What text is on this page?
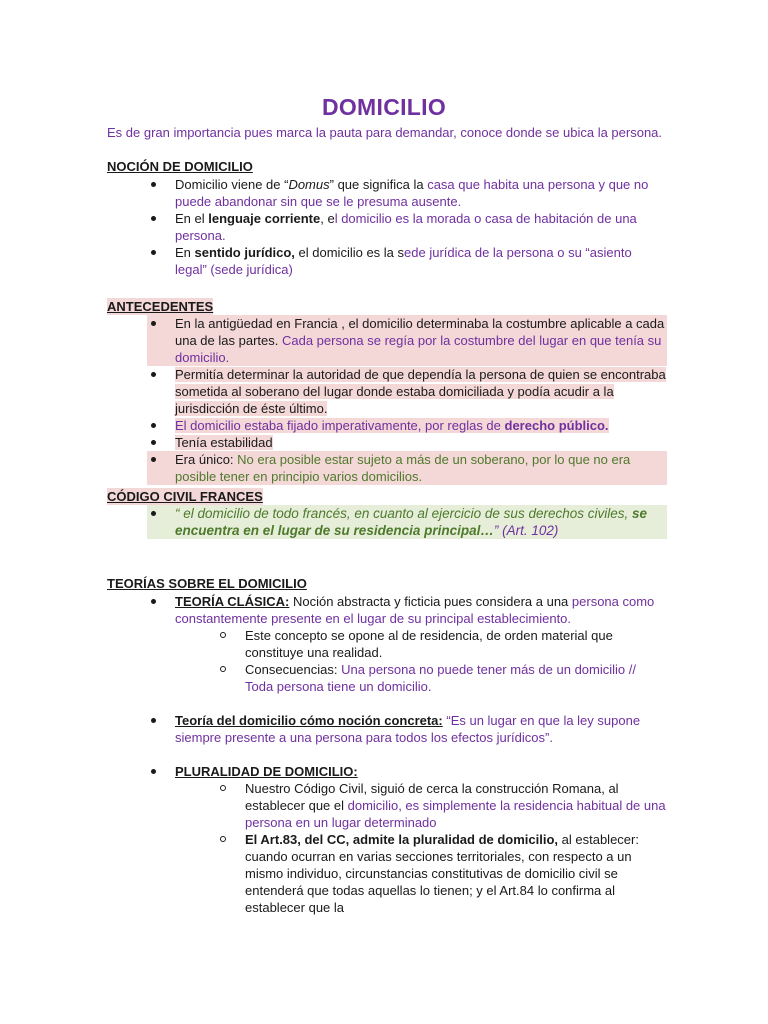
DOMICILIO
Es de gran importancia pues marca la pauta para demandar, conoce donde se ubica la persona.
NOCIÓN DE DOMICILIO
Domicilio viene de “Domus” que significa la casa que habita una persona y que no puede abandonar sin que se le presuma ausente.
En el lenguaje corriente, el domicilio es la morada o casa de habitación de una persona.
En sentido jurídico, el domicilio es la sede jurídica de la persona o su “asiento legal” (sede jurídica)
ANTECEDENTES
En la antigüedad en Francia , el domicilio determinaba la costumbre aplicable a cada una de las partes. Cada persona se regía por la costumbre del lugar en que tenía su domicilio.
Permitía determinar la autoridad de que dependía la persona de quien se encontraba sometida al soberano del lugar donde estaba domiciliada y podía acudir a la jurisdicción de éste último.
El domicilio estaba fijado imperativamente, por reglas de derecho público.
Tenía estabilidad
Era único: No era posible estar sujeto a más de un soberano, por lo que no era posible tener en principio varios domicilios.
CÓDIGO CIVIL FRANCES
“ el domicilio de todo francés, en cuanto al ejercicio de sus derechos civiles, se encuentra en el lugar de su residencia principal…” (Art. 102)
TEORÍAS SOBRE EL DOMICILIO
TEORÍA CLÁSICA: Noción abstracta y ficticia pues considera a una persona como constantemente presente en el lugar de su principal establecimiento.
Este concepto se opone al de residencia, de orden material que constituye una realidad.
Consecuencias: Una persona no puede tener más de un domicilio // Toda persona tiene un domicilio.
Teoría del domicilio cómo noción concreta: “Es un lugar en que la ley supone siempre presente a una persona para todos los efectos jurídicos”.
PLURALIDAD DE DOMICILIO:
Nuestro Código Civil, siguió de cerca la construcción Romana, al establecer que el domicilio, es simplemente la residencia habitual de una persona en un lugar determinado
El Art.83, del CC, admite la pluralidad de domicilio, al establecer: cuando ocurran en varias secciones territoriales, con respecto a un mismo individuo, circunstancias constitutivas de domicilio civil se entenderá que todas aquellas lo tienen; y el Art.84 lo confirma al establecer que la
